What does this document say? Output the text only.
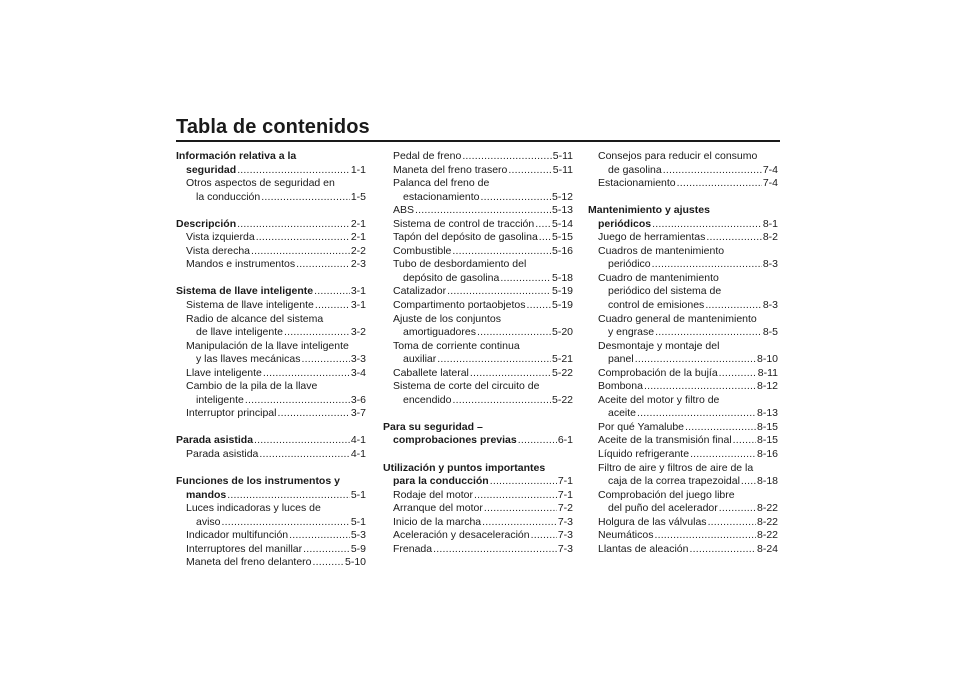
Tabla de contenidos
Información relativa a la
seguridad .....	1-1
Otros aspectos de seguridad en
la conducción .....	1-5
Descripción .....	2-1
Vista izquierda .....	2-1
Vista derecha .....	2-2
Mandos e instrumentos .....	2-3
Sistema de llave inteligente .....	3-1
Sistema de llave inteligente .....	3-1
Radio de alcance del sistema
de llave inteligente .....	3-2
Manipulación de la llave inteligente
y las llaves mecánicas .....	3-3
Llave inteligente .....	3-4
Cambio de la pila de la llave
inteligente .....	3-6
Interruptor principal .....	3-7
Parada asistida .....	4-1
Parada asistida .....	4-1
Funciones de los instrumentos y
mandos .....	5-1
Luces indicadoras y luces de
aviso .....	5-1
Indicador multifunción .....	5-3
Interruptores del manillar .....	5-9
Maneta del freno delantero .....	5-10
Pedal de freno .....	5-11
Maneta del freno trasero .....	5-11
Palanca del freno de
estacionamiento .....	5-12
ABS .....	5-13
Sistema de control de tracción ..... 5-14
Tapón del depósito de gasolina ..... 5-15
Combustible .....	5-16
Tubo de desbordamiento del
depósito de gasolina .....	5-18
Catalizador .....	5-19
Compartimento portaobjetos .....	5-19
Ajuste de los conjuntos
amortiguadores .....	5-20
Toma de corriente continua
auxiliar .....	5-21
Caballete lateral .....	5-22
Sistema de corte del circuito de
encendido .....	5-22
Para su seguridad –
comprobaciones previas .....	6-1
Utilización y puntos importantes
para la conducción .....	7-1
Rodaje del motor .....	7-1
Arranque del motor .....	7-2
Inicio de la marcha .....	7-3
Aceleración y desaceleración .....	7-3
Frenada .....	7-3
Consejos para reducir el consumo
de gasolina .....	7-4
Estacionamiento .....	7-4
Mantenimiento y ajustes
periódicos .....	8-1
Juego de herramientas .....	8-2
Cuadros de mantenimiento
periódico .....	8-3
Cuadro de mantenimiento
periódico del sistema de
control de emisiones .....	8-3
Cuadro general de mantenimiento
y engrase .....	8-5
Desmontaje y montaje del
panel .....	8-10
Comprobación de la bujía .....	8-11
Bombona .....	8-12
Aceite del motor y filtro de
aceite .....	8-13
Por qué Yamalube .....	8-15
Aceite de la transmisión final ..... 8-15
Líquido refrigerante .....	8-16
Filtro de aire y filtros de aire de la
caja de la correa trapezoidal ..... 8-18
Comprobación del juego libre
del puño del acelerador .....	8-22
Holgura de las válvulas .....	8-22
Neumáticos .....	8-22
Llantas de aleación .....	8-24
